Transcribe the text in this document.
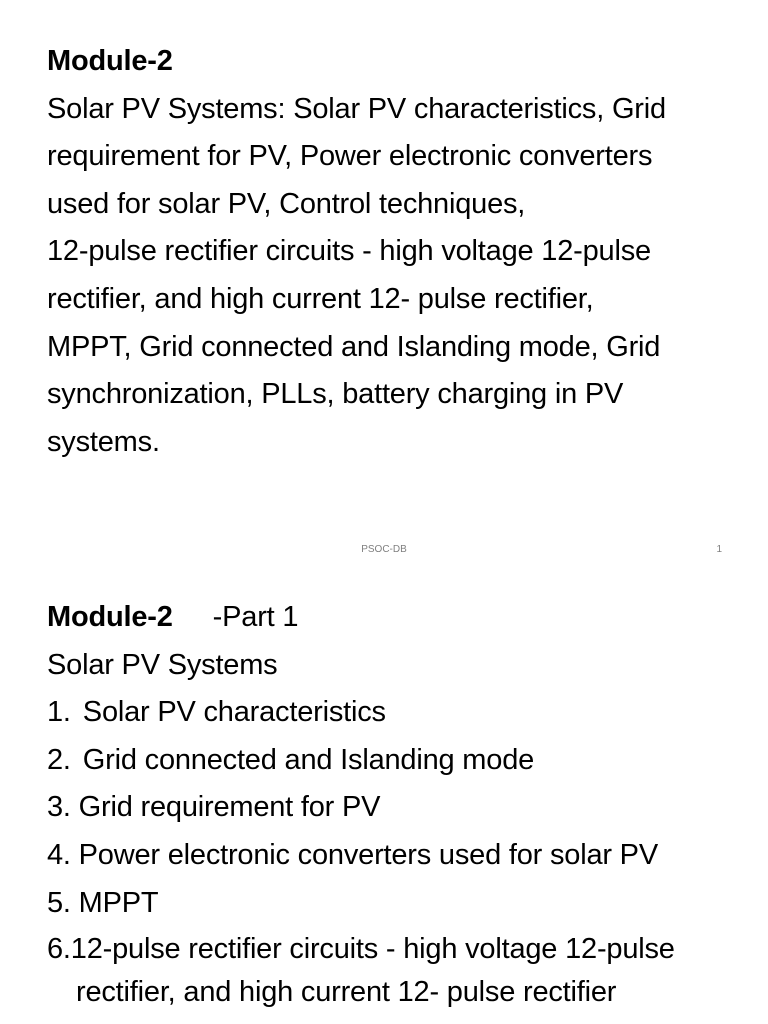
Module-2
Solar PV Systems: Solar PV characteristics, Grid
requirement for PV, Power electronic converters
used for solar PV, Control techniques,
12-pulse rectifier circuits - high voltage 12-pulse
rectifier, and high current 12- pulse rectifier,
MPPT, Grid connected and Islanding mode, Grid
synchronization, PLLs, battery charging in PV
systems.
PSOC-DB	1
Module-2 -Part 1
Solar PV Systems
1. Solar PV characteristics
2. Grid connected and Islanding mode
3. Grid requirement for PV
4. Power electronic converters used for solar PV
5. MPPT
6.12-pulse rectifier circuits - high voltage 12-pulse rectifier, and high current 12- pulse rectifier
